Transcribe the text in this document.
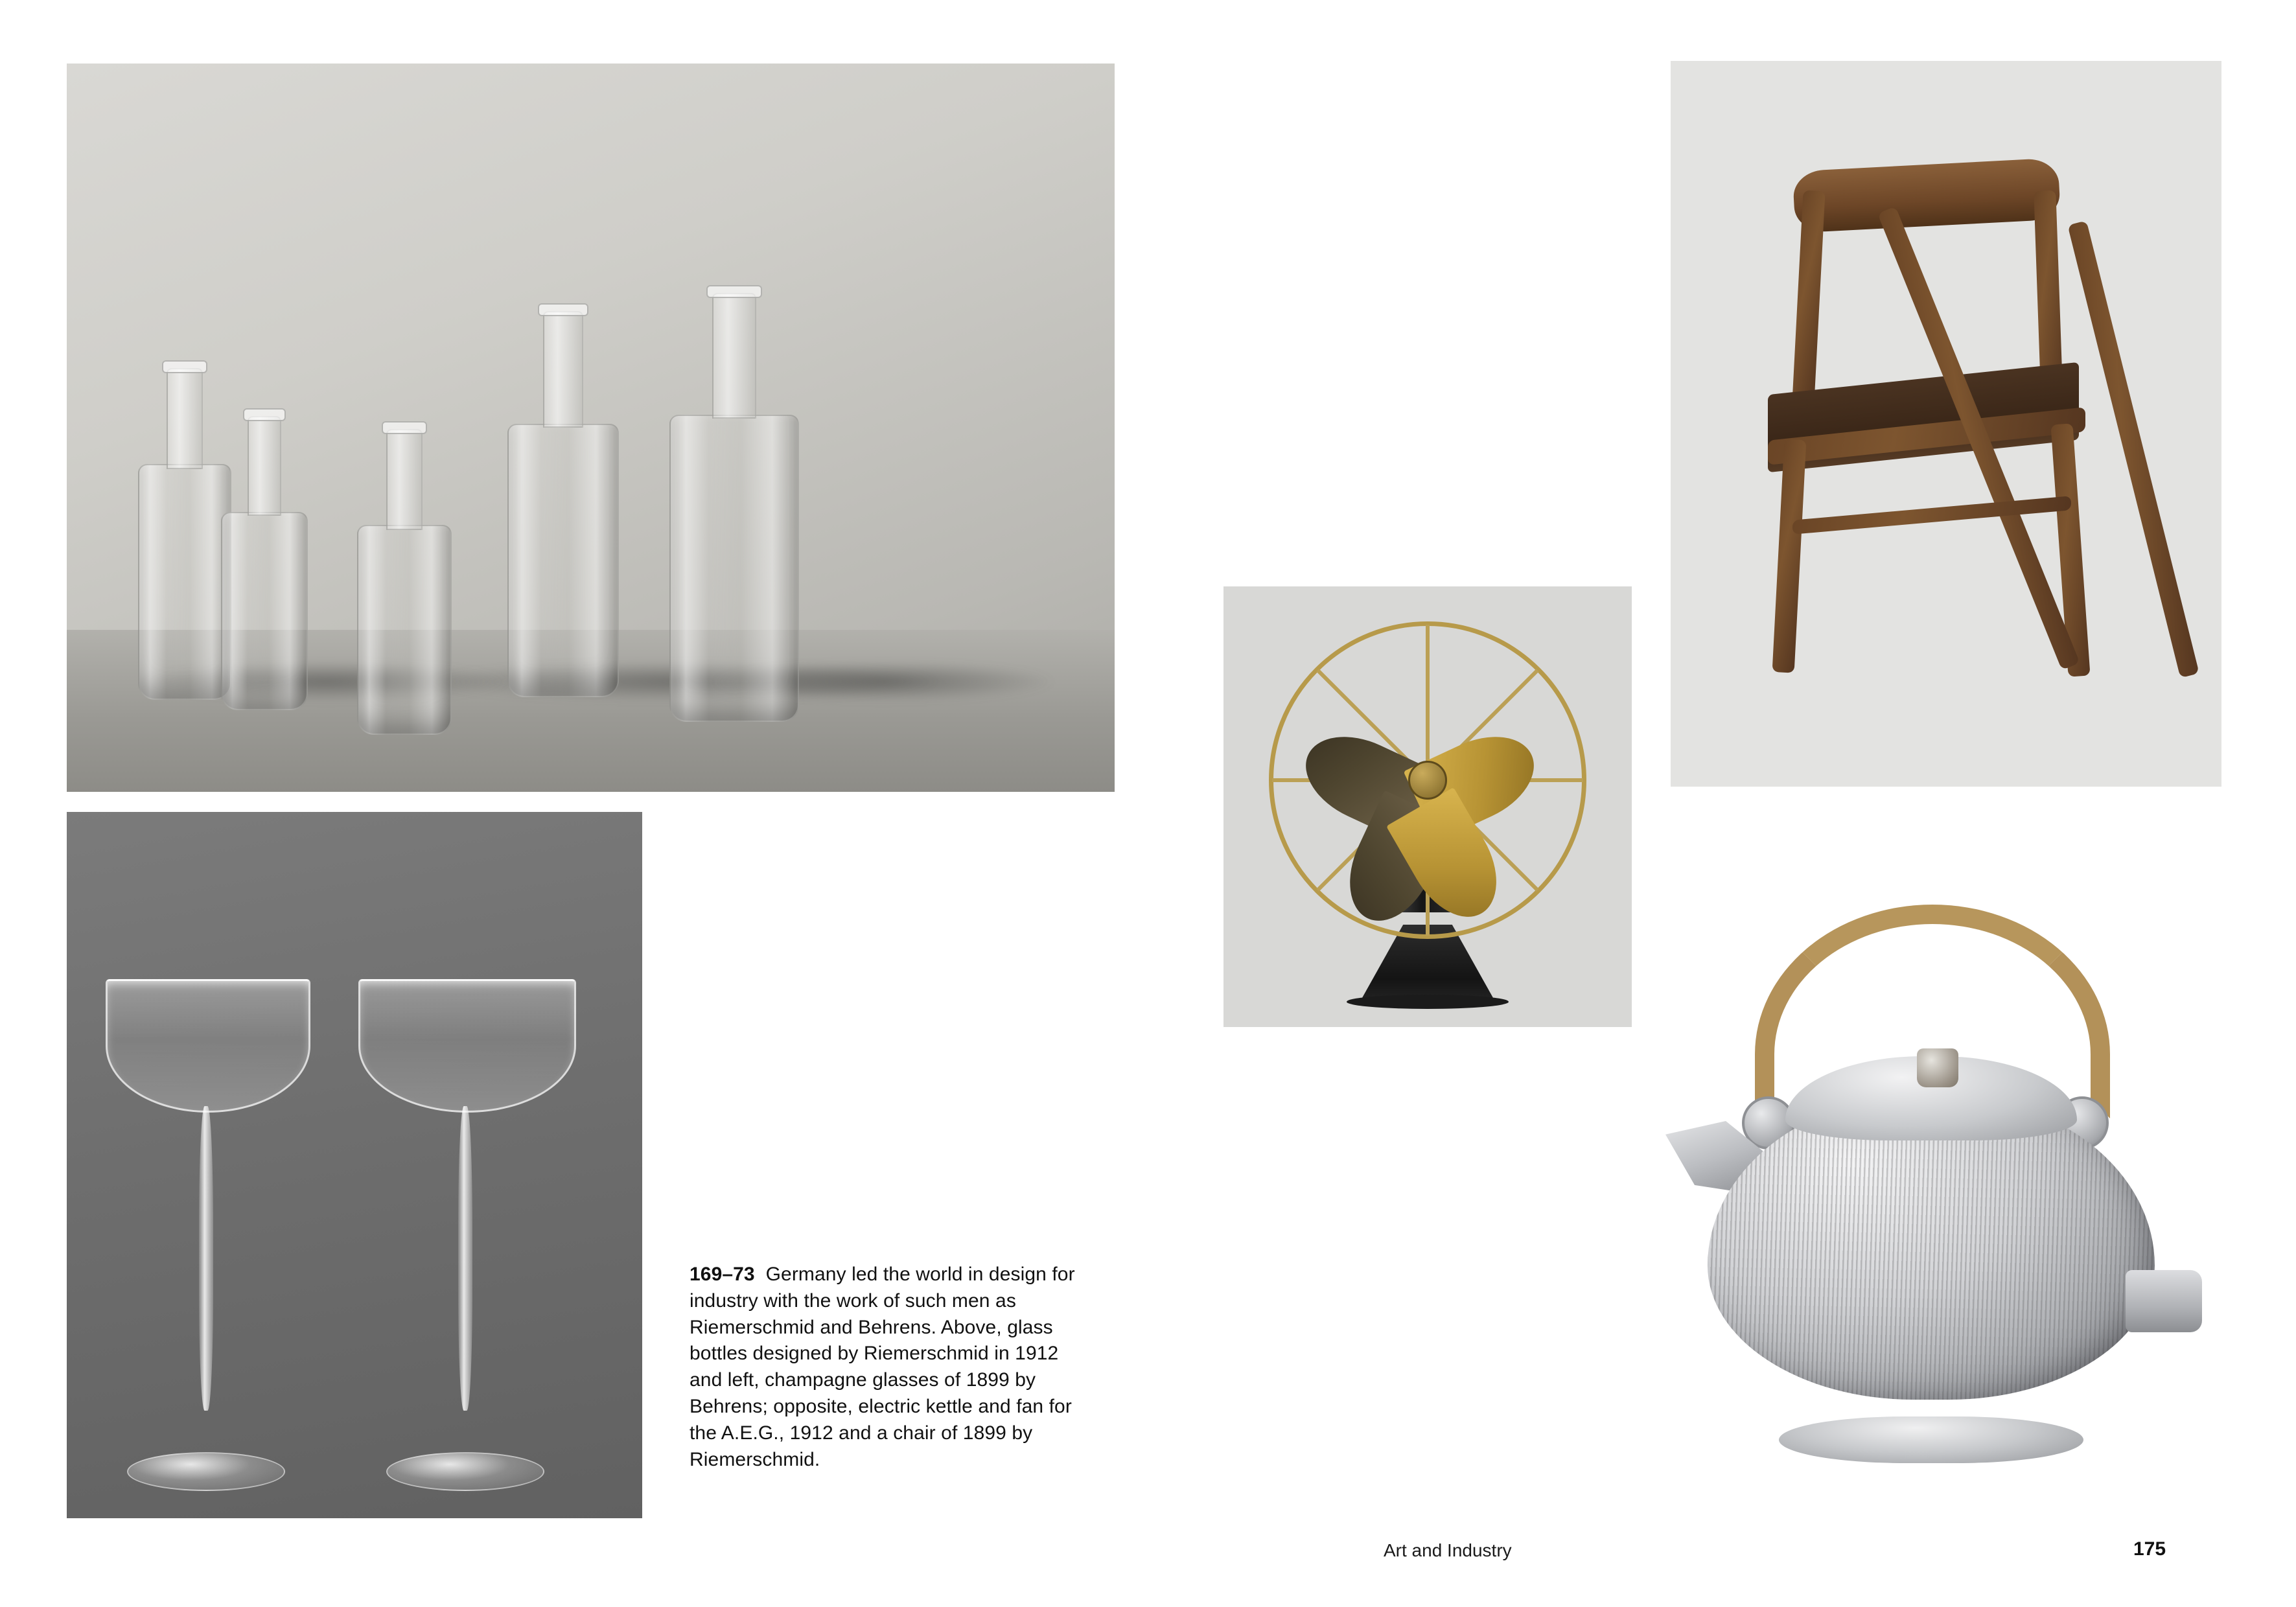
169–73 Germany led the world in design for industry with the work of such men as Riemerschmid and Behrens. Above, glass bottles designed by Riemerschmid in 1912 and left, champagne glasses of 1899 by Behrens; opposite, electric kettle and fan for the A.E.G., 1912 and a chair of 1899 by Riemerschmid.
Art and Industry	175
